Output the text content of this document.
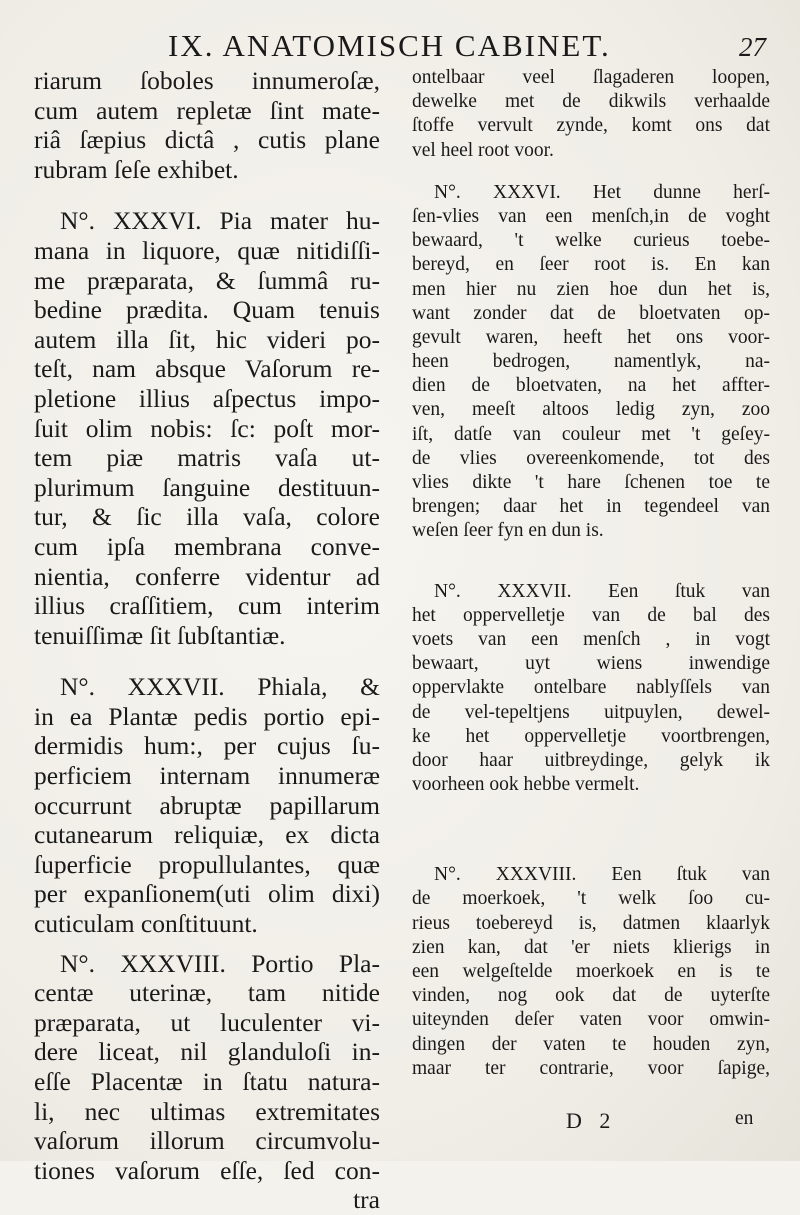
IX. ANATOMISCH CABINET.	27
riarum ſoboles innumeroſæ,
cum autem repletæ ſint mate-
riâ ſæpius dictâ , cutis plane
rubram ſeſe exhibet.
N°. XXXVI. Pia mater hu-
mana in liquore, quæ nitidiſſi-
me præparata, & ſummâ ru-
bedine prædita. Quam tenuis
autem illa ſit, hic videri po-
teſt, nam absque Vaſorum re-
pletione illius aſpectus impo-
ſuit olim nobis: ſc: poſt mor-
tem piæ matris vaſa ut-
plurimum ſanguine destituun-
tur, & ſic illa vaſa, colore
cum ipſa membrana conve-
nientia, conferre videntur ad
illius craſſitiem, cum interim
tenuiſſimæ ſit ſubſtantiæ.
N°. XXXVII. Phiala, &
in ea Plantæ pedis portio epi-
dermidis hum:, per cujus ſu-
perficiem internam innumeræ
occurrunt abruptæ papillarum
cutanearum reliquiæ, ex dicta
ſuperficie propullulantes, quæ
per expanſionem(uti olim dixi)
cuticulam conſtituunt.
N°. XXXVIII. Portio Pla-
centæ uterinæ, tam nitide
præparata, ut luculenter vi-
dere liceat, nil glanduloſi in-
eſſe Placentæ in ſtatu natura-
li, nec ultimas extremitates
vaſorum illorum circumvolu-
tiones vaſorum eſſe, ſed con-
tra
ontelbaar veel ſlagaderen loopen,
dewelke met de dikwils verhaalde
ſtoffe vervult zynde, komt ons dat
vel heel root voor.
N°. XXXVI. Het dunne herſ-
ſen-vlies van een menſch,in de voght
bewaard, 't welke curieus toebe-
bereyd, en ſeer root is. En kan
men hier nu zien hoe dun het is,
want zonder dat de bloetvaten op-
gevult waren, heeft het ons voor-
heen bedrogen, namentlyk, na-
dien de bloetvaten, na het affter-
ven, meeſt altoos ledig zyn, zoo
iſt, datſe van couleur met 't geſey-
de vlies overeenkomende, tot des
vlies dikte 't hare ſchenen toe te
brengen; daar het in tegendeel van
weſen ſeer fyn en dun is.
N°. XXXVII. Een ſtuk van
het oppervelletje van de bal des
voets van een menſch , in vogt
bewaart, uyt wiens inwendige
oppervlakte ontelbare nablyſſels van
de vel-tepeltjens uitpuylen, dewel-
ke het oppervelletje voortbrengen,
door haar uitbreydinge, gelyk ik
voorheen ook hebbe vermelt.
N°. XXXVIII. Een ſtuk van
de moerkoek, 't welk ſoo cu-
rieus toebereyd is, datmen klaarlyk
zien kan, dat 'er niets klierigs in
een welgeſtelde moerkoek en is te
vinden, nog ook dat de uyterſte
uiteynden deſer vaten voor omwin-
dingen der vaten te houden zyn,
maar ter contrarie, voor ſapige,
D 2	en
